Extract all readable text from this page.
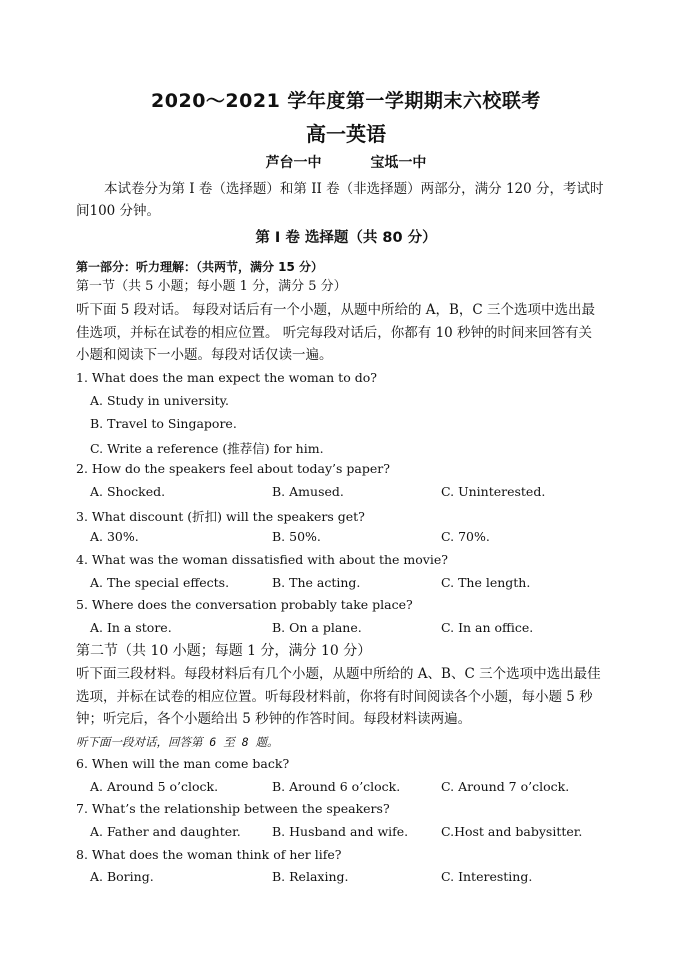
2020～2021 学年度第一学期期末六校联考
高一英语
芦台一中	宝坻一中
本试卷分为第 I 卷（选择题）和第 II 卷（非选择题）两部分，满分 120 分，考试时
间100 分钟。
第 I 卷 选择题（共 80 分）
第一部分：听力理解：（共两节，满分 15 分）
第一节（共 5 小题；每小题 1 分，满分 5 分）
听下面 5 段对话。 每段对话后有一个小题，从题中所给的 A，B，C 三个选项中选出最
佳选项，并标在试卷的相应位置。 听完每段对话后，你都有 10 秒钟的时间来回答有关
小题和阅读下一小题。每段对话仅读一遍。
1. What does the man expect the woman to do?
A. Study in university.
B. Travel to Singapore.
C. Write a reference (推荐信) for him.
2. How do the speakers feel about today’s paper?
A. Shocked.	B. Amused.	C. Uninterested.
3. What discount (折扣) will the speakers get?
A. 30%.	B. 50%.	C. 70%.
4. What was the woman dissatisfied with about the movie?
A. The special effects.	B. The acting.	C. The length.
5. Where does the conversation probably take place?
A. In a store.	B. On a plane.	C. In an office.
第二节（共 10 小题；每题 1 分，满分 10 分）
听下面三段材料。每段材料后有几个小题，从题中所给的 A、B、C 三个选项中选出最佳
选项，并标在试卷的相应位置。听每段材料前，你将有时间阅读各个小题，每小题 5 秒
钟；听完后，各个小题给出 5 秒钟的作答时间。每段材料读两遍。
听下面一段对话，回答第 6 至 8 题。
6. When will the man come back?
A. Around 5 o’clock.	B. Around 6 o’clock.	C. Around 7 o’clock.
7. What’s the relationship between the speakers?
A. Father and daughter.	B. Husband and wife.	C.Host and babysitter.
8. What does the woman think of her life?
A. Boring.	B. Relaxing.	C. Interesting.
